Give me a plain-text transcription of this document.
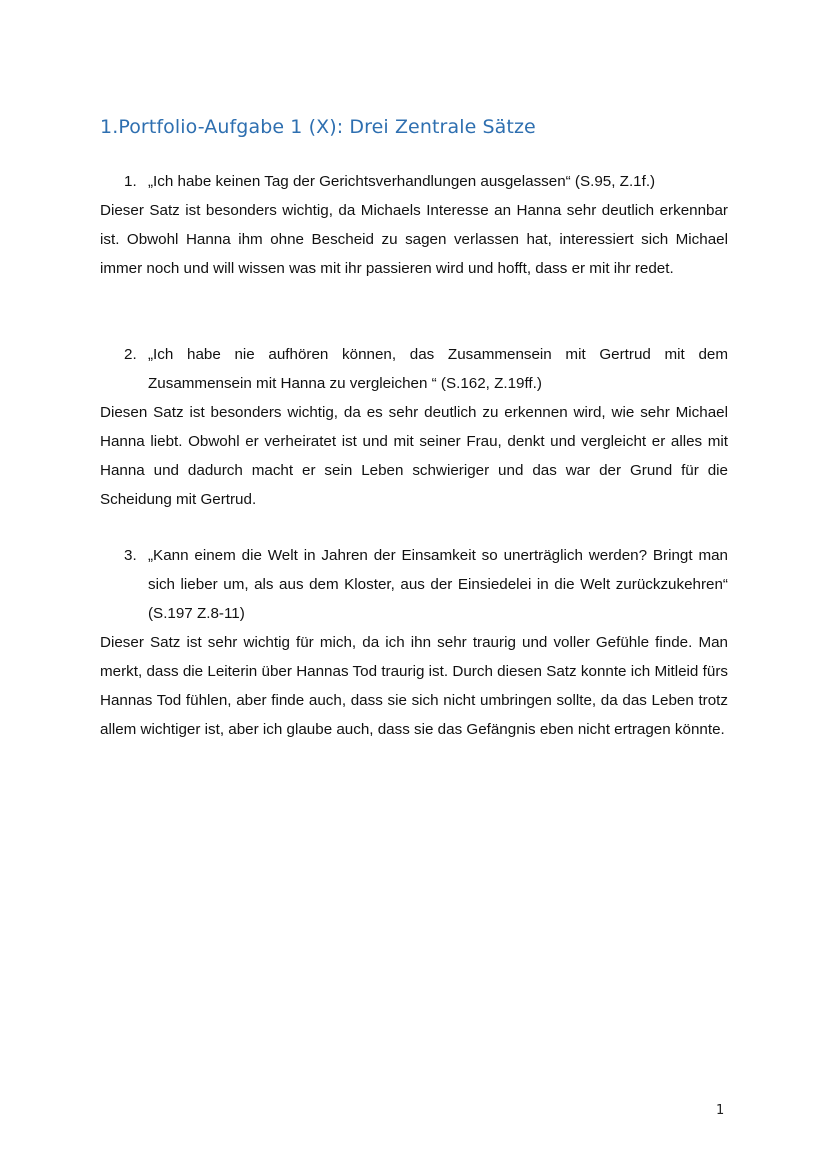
1.Portfolio-Aufgabe 1 (X): Drei Zentrale Sätze
1. „Ich habe keinen Tag der Gerichtsverhandlungen ausgelassen“ (S.95, Z.1f.)

Dieser Satz ist besonders wichtig, da Michaels Interesse an Hanna sehr deutlich erkennbar ist. Obwohl Hanna ihm ohne Bescheid zu sagen verlassen hat, interessiert sich Michael immer noch und will wissen was mit ihr passieren wird und hofft, dass er mit ihr redet.

2. „Ich habe nie aufhören können, das Zusammensein mit Gertrud mit dem Zusammensein mit Hanna zu vergleichen “ (S.162, Z.19ff.)

Diesen Satz ist besonders wichtig, da es sehr deutlich zu erkennen wird, wie sehr Michael Hanna liebt. Obwohl er verheiratet ist und mit seiner Frau, denkt und vergleicht er alles mit Hanna und dadurch macht er sein Leben schwieriger und das war der Grund für die Scheidung mit Gertrud.

3. „Kann einem die Welt in Jahren der Einsamkeit so unerträglich werden? Bringt man sich lieber um, als aus dem Kloster, aus der Einsiedelei in die Welt zurückzukehren“ (S.197 Z.8-11)

Dieser Satz ist sehr wichtig für mich, da ich ihn sehr traurig und voller Gefühle finde. Man merkt, dass die Leiterin über Hannas Tod traurig ist. Durch diesen Satz konnte ich Mitleid fürs Hannas Tod fühlen, aber finde auch, dass sie sich nicht umbringen sollte, da das Leben trotz allem wichtiger ist, aber ich glaube auch, dass sie das Gefängnis eben nicht ertragen könnte.

1
